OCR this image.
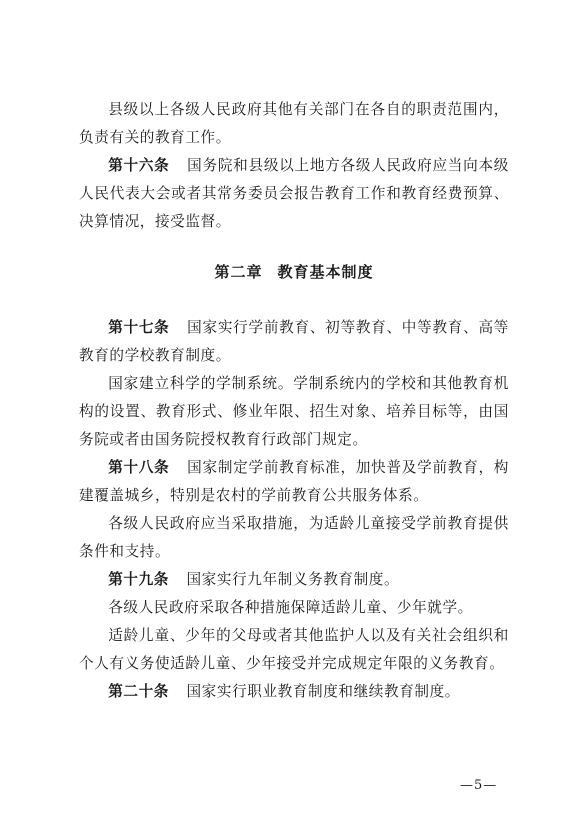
县级以上各级人民政府其他有关部门在各自的职责范围内，负责有关的教育工作。

第十六条 国务院和县级以上地方各级人民政府应当向本级人民代表大会或者其常务委员会报告教育工作和教育经费预算、决算情况，接受监督。

第二章 教育基本制度

第十七条 国家实行学前教育、初等教育、中等教育、高等教育的学校教育制度。

国家建立科学的学制系统。学制系统内的学校和其他教育机构的设置、教育形式、修业年限、招生对象、培养目标等，由国务院或者由国务院授权教育行政部门规定。

第十八条 国家制定学前教育标准，加快普及学前教育，构建覆盖城乡，特别是农村的学前教育公共服务体系。

各级人民政府应当采取措施，为适龄儿童接受学前教育提供条件和支持。

第十九条 国家实行九年制义务教育制度。

各级人民政府采取各种措施保障适龄儿童、少年就学。

适龄儿童、少年的父母或者其他监护人以及有关社会组织和个人有义务使适龄儿童、少年接受并完成规定年限的义务教育。

第二十条 国家实行职业教育制度和继续教育制度。

—5—
